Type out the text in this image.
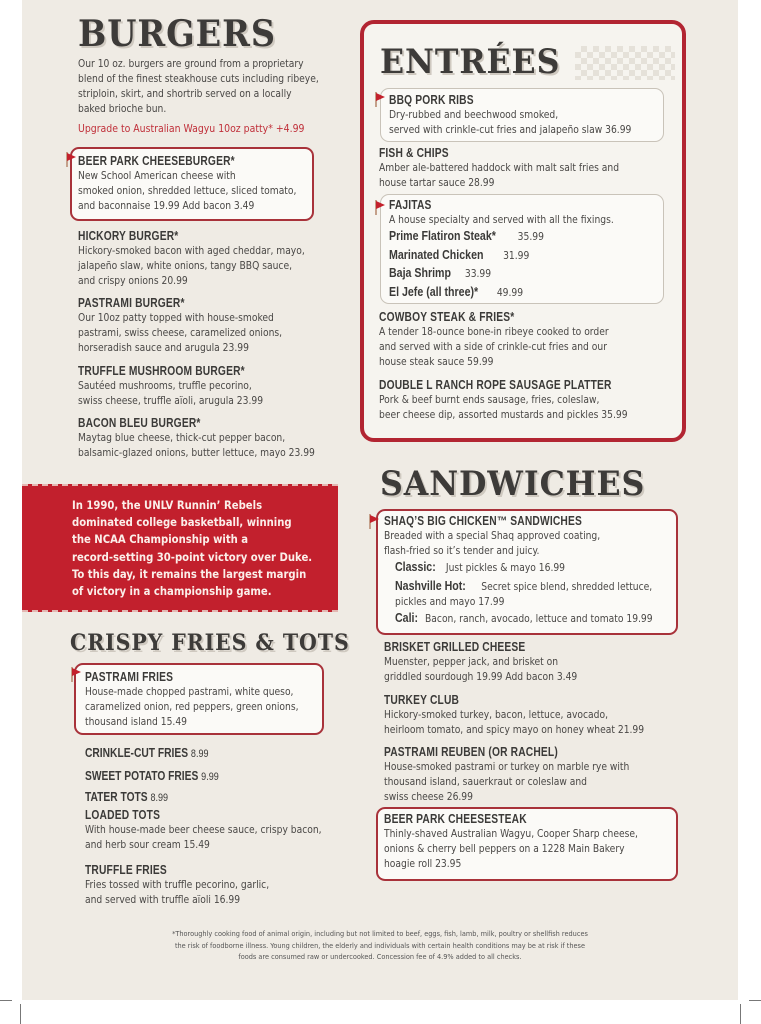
BURGERS
Our 10 oz. burgers are ground from a proprietary
blend of the finest steakhouse cuts including ribeye,
striploin, skirt, and shortrib served on a locally
baked brioche bun.
Upgrade to Australian Wagyu 10oz patty* +4.99
BEER PARK CHEESEBURGER*
New School American cheese with
smoked onion, shredded lettuce, sliced tomato,
and baconnaise 19.99 Add bacon 3.49
HICKORY BURGER*
Hickory-smoked bacon with aged cheddar, mayo,
jalapeño slaw, white onions, tangy BBQ sauce,
and crispy onions 20.99
PASTRAMI BURGER*
Our 10oz patty topped with house-smoked
pastrami, swiss cheese, caramelized onions,
horseradish sauce and arugula 23.99
TRUFFLE MUSHROOM BURGER*
Sautéed mushrooms, truffle pecorino,
swiss cheese, truffle aïoli, arugula 23.99
BACON BLEU BURGER*
Maytag blue cheese, thick-cut pepper bacon,
balsamic-glazed onions, butter lettuce, mayo 23.99

In 1990, the UNLV Runnin’ Rebels
dominated college basketball, winning
the NCAA Championship with a
record-setting 30-point victory over Duke.
To this day, it remains the largest margin
of victory in a championship game.

CRISPY FRIES & TOTS
PASTRAMI FRIES
House-made chopped pastrami, white queso,
caramelized onion, red peppers, green onions,
thousand island 15.49
CRINKLE-CUT FRIES 8.99
SWEET POTATO FRIES 9.99
TATER TOTS 8.99
LOADED TOTS
With house-made beer cheese sauce, crispy bacon,
and herb sour cream 15.49
TRUFFLE FRIES
Fries tossed with truffle pecorino, garlic,
and served with truffle aïoli 16.99
ENTRÉES
BBQ PORK RIBS
Dry-rubbed and beechwood smoked,
served with crinkle-cut fries and jalapeño slaw 36.99
FISH & CHIPS
Amber ale-battered haddock with malt salt fries and
house tartar sauce 28.99
FAJITAS
A house specialty and served with all the fixings.
Prime Flatiron Steak* 35.99
Marinated Chicken 31.99
Baja Shrimp 33.99
El Jefe (all three)* 49.99
COWBOY STEAK & FRIES*
A tender 18-ounce bone-in ribeye cooked to order
and served with a side of crinkle-cut fries and our
house steak sauce 59.99
DOUBLE L RANCH ROPE SAUSAGE PLATTER
Pork & beef burnt ends sausage, fries, coleslaw,
beer cheese dip, assorted mustards and pickles 35.99
SANDWICHES
SHAQ’S BIG CHICKEN™ SANDWICHES
Breaded with a special Shaq approved coating,
flash-fried so it’s tender and juicy.
Classic: Just pickles & mayo 16.99
Nashville Hot: Secret spice blend, shredded lettuce,
pickles and mayo 17.99
Cali: Bacon, ranch, avocado, lettuce and tomato 19.99
BRISKET GRILLED CHEESE
Muenster, pepper jack, and brisket on
griddled sourdough 19.99 Add bacon 3.49
TURKEY CLUB
Hickory-smoked turkey, bacon, lettuce, avocado,
heirloom tomato, and spicy mayo on honey wheat 21.99
PASTRAMI REUBEN (OR RACHEL)
House-smoked pastrami or turkey on marble rye with
thousand island, sauerkraut or coleslaw and
swiss cheese 26.99
BEER PARK CHEESESTEAK
Thinly-shaved Australian Wagyu, Cooper Sharp cheese,
onions & cherry bell peppers on a 1228 Main Bakery
hoagie roll 23.95
*Thoroughly cooking food of animal origin, including but not limited to beef, eggs, fish, lamb, milk, poultry or shellfish reduces
the risk of foodborne illness. Young children, the elderly and individuals with certain health conditions may be at risk if these
foods are consumed raw or undercooked. Concession fee of 4.9% added to all checks.
